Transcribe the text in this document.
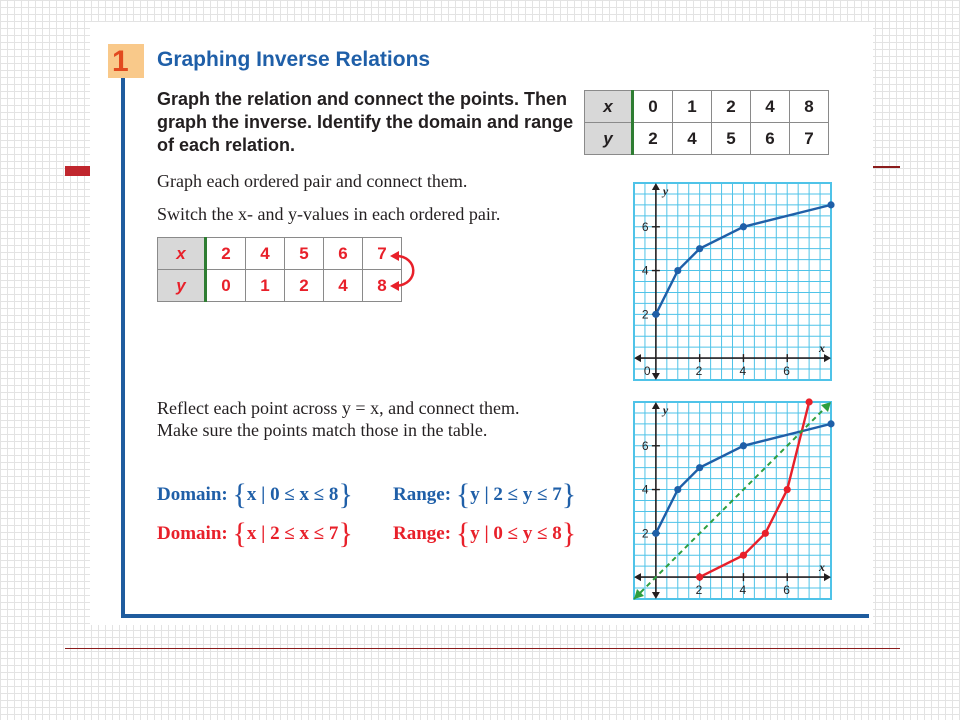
1 Graphing Inverse Relations
Graph the relation and connect the points. Then graph the inverse. Identify the domain and range of each relation.
Graph each ordered pair and connect them.
Switch the x- and y-values in each ordered pair.
Reflect each point across y = x, and connect them. Make sure the points match those in the table.
x	0	1	2	4	8
y	2	4	5	6	7
x	2	4	5	6	7
y	0	1	2	4	8
Domain: {x | 0 ≤ x ≤ 8} Range: {y | 2 ≤ y ≤ 7}
Domain: {x | 2 ≤ x ≤ 7} Range: {y | 0 ≤ y ≤ 8}
x
y
0	2	4	6
2
4
6
x
y
2	4	6
2
4
6
